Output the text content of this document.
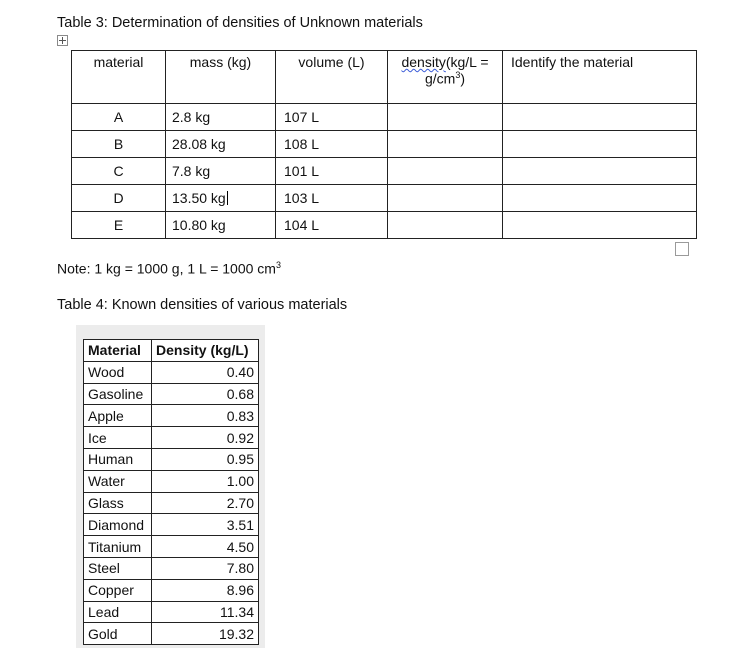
Table 3: Determination of densities of Unknown materials
material	mass (kg)	volume (L)	density(kg/L =
$g/cm^3$)	Identify the material
A	2.8 kg	107 L		
B	28.08 kg	108 L		
C	7.8 kg	101 L		
D	13.50 kg	103 L		
E	10.80 kg	104 L		
Note: 1 kg = 1000 g, 1 L = 1000 $cm^3$
Table 4: Known densities of various materials
Material	Density (kg/L)
Wood	0.40
Gasoline	0.68
Apple	0.83
Ice	0.92
Human	0.95
Water	1.00
Glass	2.70
Diamond	3.51
Titanium	4.50
Steel	7.80
Copper	8.96
Lead	11.34
Gold	19.32
